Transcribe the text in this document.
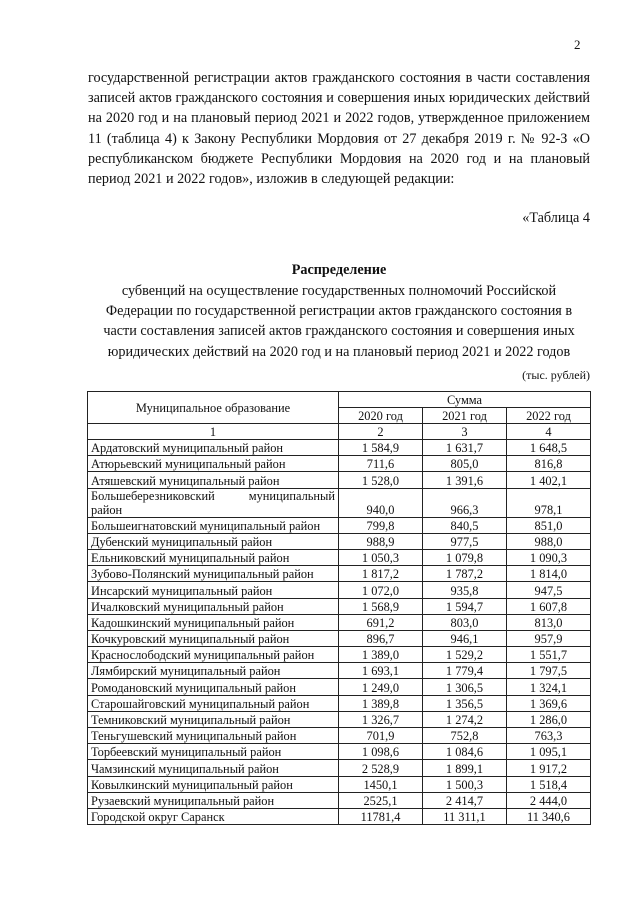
2

государственной регистрации актов гражданского состояния в части составления записей актов гражданского состояния и совершения иных юридических действий на 2020 год и на плановый период 2021 и 2022 годов, утвержденное приложением 11 (таблица 4) к Закону Республики Мордовия от 27 декабря 2019 г. № 92-З «О республиканском бюджете Республики Мордовия на 2020 год и на плановый период 2021 и 2022 годов», изложив в следующей редакции:

«Таблица 4
Распределение
субвенций на осуществление государственных полномочий Российской Федерации по государственной регистрации актов гражданского состояния в части составления записей актов гражданского состояния и совершения иных юридических действий на 2020 год и на плановый период 2021 и 2022 годов
(тыс. рублей)
Муниципальное образование	Сумма		
	2020 год	2021 год	2022 год
1	2	3	4
Ардатовский муниципальный район	1 584,9	1 631,7	1 648,5
Атюрьевский муниципальный район	711,6	805,0	816,8
Атяшевский муниципальный район	1 528,0	1 391,6	1 402,1
Большеберезниковский муниципальный район	940,0	966,3	978,1
Большеигнатовский муниципальный район	799,8	840,5	851,0
Дубенский муниципальный район	988,9	977,5	988,0
Ельниковский муниципальный район	1 050,3	1 079,8	1 090,3
Зубово-Полянский муниципальный район	1 817,2	1 787,2	1 814,0
Инсарский муниципальный район	1 072,0	935,8	947,5
Ичалковский муниципальный район	1 568,9	1 594,7	1 607,8
Кадошкинский муниципальный район	691,2	803,0	813,0
Кочкуровский муниципальный район	896,7	946,1	957,9
Краснослободский муниципальный район	1 389,0	1 529,2	1 551,7
Лямбирский муниципальный район	1 693,1	1 779,4	1 797,5
Ромодановский муниципальный район	1 249,0	1 306,5	1 324,1
Старошайговский муниципальный район	1 389,8	1 356,5	1 369,6
Темниковский муниципальный район	1 326,7	1 274,2	1 286,0
Теньгушевский муниципальный район	701,9	752,8	763,3
Торбеевский муниципальный район	1 098,6	1 084,6	1 095,1
Чамзинский муниципальный район	2 528,9	1 899,1	1 917,2
Ковылкинский муниципальный район	1450,1	1 500,3	1 518,4
Рузаевский муниципальный район	2525,1	2 414,7	2 444,0
Городской округ Саранск	11781,4	11 311,1	11 340,6
